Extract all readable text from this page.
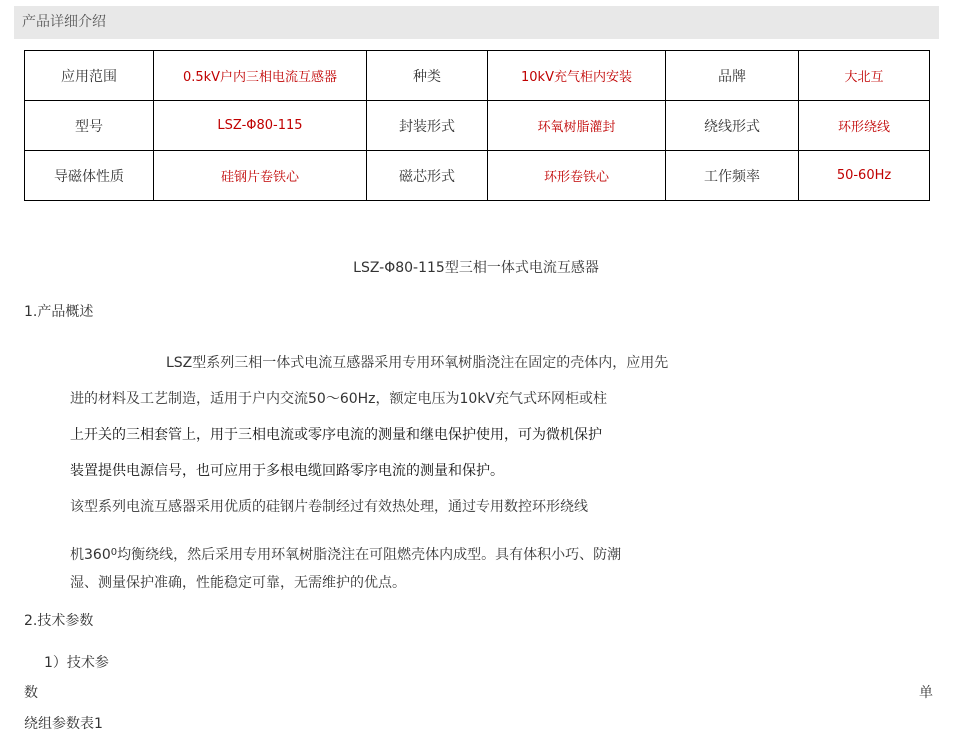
产品详细介绍
应用范围	0.5kV户内三相电流互感器	种类	10kV充气柜内安装	品牌	大北互
型号	LSZ-Φ80-115	封装形式	环氧树脂灌封	绕线形式	环形绕线
导磁体性质	硅钢片卷铁心	磁芯形式	环形卷铁心	工作频率	50-60Hz
LSZ-Φ80-115型三相一体式电流互感器
1.产品概述
LSZ型系列三相一体式电流互感器采用专用环氧树脂浇注在固定的壳体内，应用先
进的材料及工艺制造，适用于户内交流50～60Hz，额定电压为10kV充气式环网柜或柱
上开关的三相套管上，用于三相电流或零序电流的测量和继电保护使用，可为微机保护
装置提供电源信号，也可应用于多根电缆回路零序电流的测量和保护。
该型系列电流互感器采用优质的硅钢片卷制经过有效热处理，通过专用数控环形绕线
机$360^0$均衡绕线，然后采用专用环氧树脂浇注在可阻燃壳体内成型。具有体积小巧、防潮
湿、测量保护准确，性能稳定可靠，无需维护的优点。
2.技术参数
1）技术参
数	单
绕组参数表1
